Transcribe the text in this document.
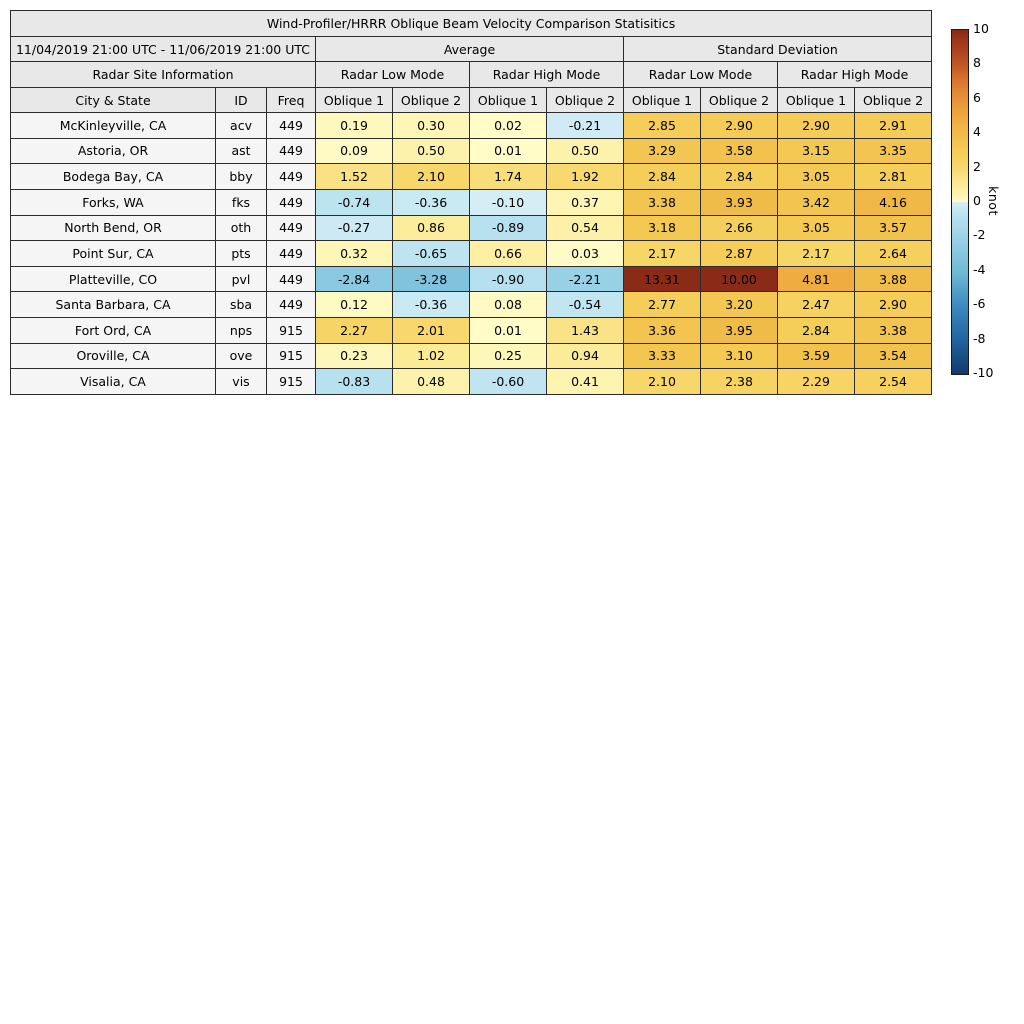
Wind-Profiler/HRRR Oblique Beam Velocity Comparison Statisitics										
11/04/2019 21:00 UTC - 11/06/2019 21:00 UTC			Average				Standard Deviation			
Radar Site Information			Radar Low Mode		Radar High Mode		Radar Low Mode		Radar High Mode	
City & State	ID	Freq	Oblique 1	Oblique 2	Oblique 1	Oblique 2	Oblique 1	Oblique 2	Oblique 1	Oblique 2
McKinleyville, CA	acv	449	0.19	0.30	0.02	-0.21	2.85	2.90	2.90	2.91
Astoria, OR	ast	449	0.09	0.50	0.01	0.50	3.29	3.58	3.15	3.35
Bodega Bay, CA	bby	449	1.52	2.10	1.74	1.92	2.84	2.84	3.05	2.81
Forks, WA	fks	449	-0.74	-0.36	-0.10	0.37	3.38	3.93	3.42	4.16
North Bend, OR	oth	449	-0.27	0.86	-0.89	0.54	3.18	2.66	3.05	3.57
Point Sur, CA	pts	449	0.32	-0.65	0.66	0.03	2.17	2.87	2.17	2.64
Platteville, CO	pvl	449	-2.84	-3.28	-0.90	-2.21	13.31	10.00	4.81	3.88
Santa Barbara, CA	sba	449	0.12	-0.36	0.08	-0.54	2.77	3.20	2.47	2.90
Fort Ord, CA	nps	915	2.27	2.01	0.01	1.43	3.36	3.95	2.84	3.38
Oroville, CA	ove	915	0.23	1.02	0.25	0.94	3.33	3.10	3.59	3.54
Visalia, CA	vis	915	-0.83	0.48	-0.60	0.41	2.10	2.38	2.29	2.54
10
8
6
4
2
0
-2
-4
-6
-8
-10
knot
